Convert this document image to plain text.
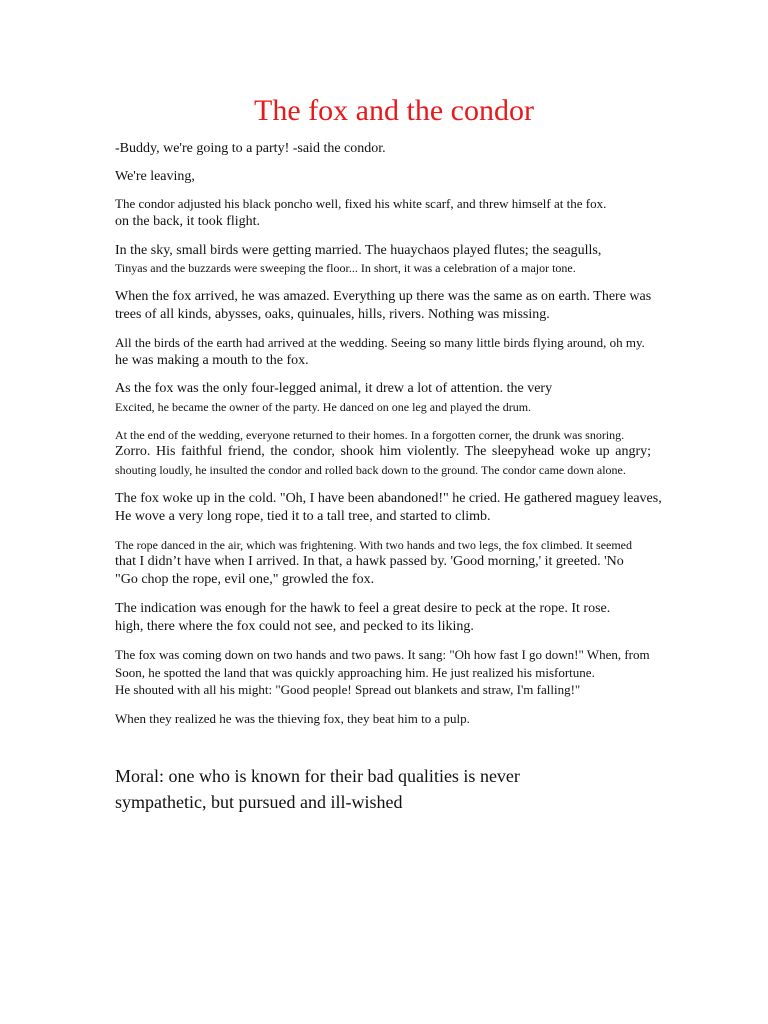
The fox and the condor

-Buddy, we're going to a party! -said the condor.

We're leaving,

The condor adjusted his black poncho well, fixed his white scarf, and threw himself at the fox.

on the back, it took flight.

In the sky, small birds were getting married. The huaychaos played flutes; the seagulls,

Tinyas and the buzzards were sweeping the floor... In short, it was a celebration of a major tone.

When the fox arrived, he was amazed. Everything up there was the same as on earth. There was

trees of all kinds, abysses, oaks, quinuales, hills, rivers. Nothing was missing.

All the birds of the earth had arrived at the wedding. Seeing so many little birds flying around, oh my.

he was making a mouth to the fox.

As the fox was the only four-legged animal, it drew a lot of attention. the very

Excited, he became the owner of the party. He danced on one leg and played the drum.

At the end of the wedding, everyone returned to their homes. In a forgotten corner, the drunk was snoring.

Zorro. His faithful friend, the condor, shook him violently. The sleepyhead woke up angry;

shouting loudly, he insulted the condor and rolled back down to the ground. The condor came down alone.

The fox woke up in the cold. "Oh, I have been abandoned!" he cried. He gathered maguey leaves,

He wove a very long rope, tied it to a tall tree, and started to climb.

The rope danced in the air, which was frightening. With two hands and two legs, the fox climbed. It seemed

that I didn’t have when I arrived. In that, a hawk passed by. 'Good morning,' it greeted. 'No

"Go chop the rope, evil one," growled the fox.

The indication was enough for the hawk to feel a great desire to peck at the rope. It rose.

high, there where the fox could not see, and pecked to its liking.

The fox was coming down on two hands and two paws. It sang: "Oh how fast I go down!" When, from

Soon, he spotted the land that was quickly approaching him. He just realized his misfortune.

He shouted with all his might: "Good people! Spread out blankets and straw, I'm falling!"

When they realized he was the thieving fox, they beat him to a pulp.

Moral: one who is known for their bad qualities is never

sympathetic, but pursued and ill-wished
